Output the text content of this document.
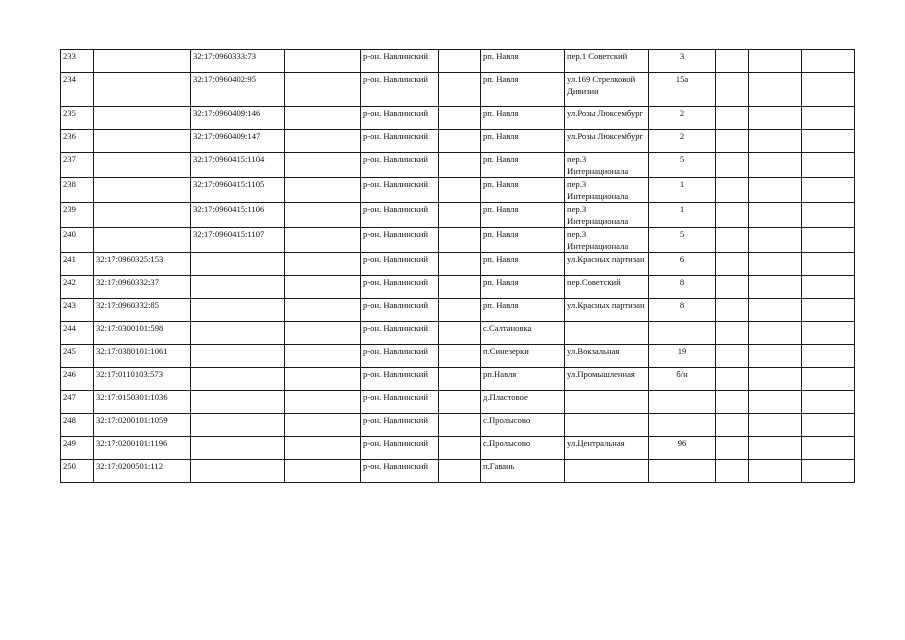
233		32:17:0960333:73		р-он. Навлинский		рп. Навля	пер.1 Советский	3			
234		32:17:0960402:95		р-он. Навлинский		рп. Навля	ул.169 Стрелковой Дивизии	15а			
235		32:17:0960409:146		р-он. Навлинский		рп. Навля	ул.Розы Люксембург	2			
236		32:17:0960409:147		р-он. Навлинский		рп. Навля	ул.Розы Люксембург	2			
237		32:17:0960415:1104		р-он. Навлинский		рп. Навля	пер.3 Интернационала	5			
238		32:17:0960415:1105		р-он. Навлинский		рп. Навля	пер.3 Интернационала	1			
239		32:17:0960415:1106		р-он. Навлинский		рп. Навля	пер.3 Интернационала	1			
240		32:17:0960415:1107		р-он. Навлинский		рп. Навля	пер.3 Интернационала	5			
241	32:17:0960325:153			р-он. Навлинский		рп. Навля	ул.Красных партизан	6			
242	32:17:0960332:37			р-он. Навлинский		рп. Навля	пер.Советский	8			
243	32:17:0960332:85			р-он. Навлинский		рп. Навля	ул.Красных партизан	8			
244	32:17:0300101:598			р-он. Навлинский		с.Салтановка					
245	32:17:0380101:1061			р-он. Навлинский		п.Синезерки	ул.Вокзальная	19			
246	32:17:0110103:573			р-он. Навлинский		рп.Навля	ул.Промышленная	б/н			
247	32:17:0150301:1036			р-он. Навлинский		д.Пластовое					
248	32:17:0200101:1059			р-он. Навлинский		с.Пролысово					
249	32:17:0200101:1196			р-он. Навлинский		с.Пролысово	ул.Центральная	96			
250	32:17:0200501:112			р-он. Навлинский		п.Гавань					
